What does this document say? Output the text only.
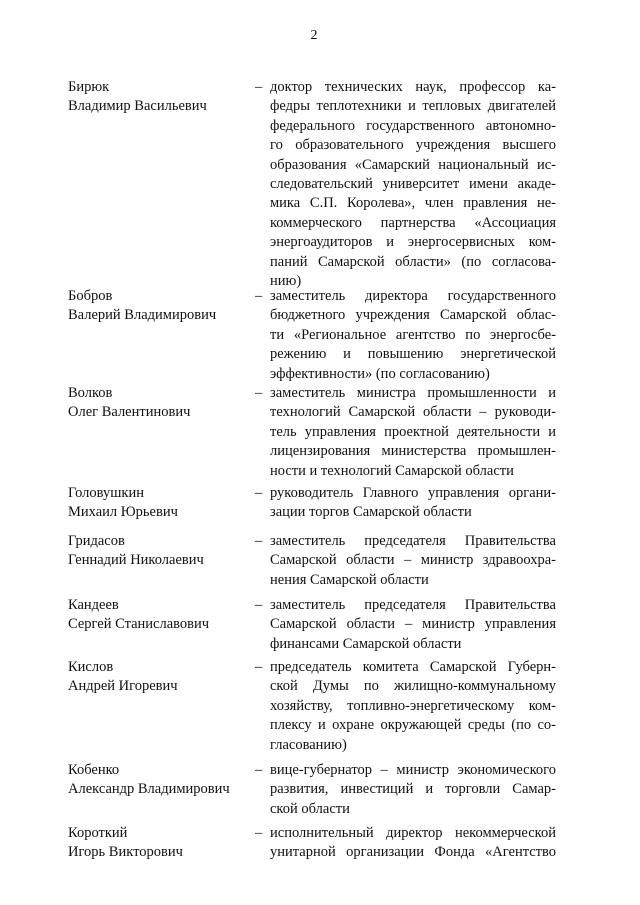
2
Бирюк
Владимир Васильевич
– доктор технических наук, профессор ка-
федры теплотехники и тепловых двигателей
федерального государственного автономно-
го образовательного учреждения высшего
образования «Самарский национальный ис-
следовательский университет имени акаде-
мика С.П. Королева», член правления не-
коммерческого партнерства «Ассоциация
энергоаудиторов и энергосервисных ком-
паний Самарской области» (по согласова-
нию)
Бобров
Валерий Владимирович
– заместитель директора государственного
бюджетного учреждения Самарской облас-
ти «Региональное агентство по энергосбе-
режению и повышению энергетической
эффективности» (по согласованию)
Волков
Олег Валентинович
– заместитель министра промышленности и
технологий Самарской области – руководи-
тель управления проектной деятельности и
лицензирования министерства промышлен-
ности и технологий Самарской области
Головушкин
Михаил Юрьевич
– руководитель Главного управления органи-
зации торгов Самарской области
Гридасов
Геннадий Николаевич
– заместитель председателя Правительства
Самарской области – министр здравоохра-
нения Самарской области
Кандеев
Сергей Станиславович
– заместитель председателя Правительства
Самарской области – министр управления
финансами Самарской области
Кислов
Андрей Игоревич
– председатель комитета Самарской Губерн-
ской Думы по жилищно-коммунальному
хозяйству, топливно-энергетическому ком-
плексу и охране окружающей среды (по со-
гласованию)
Кобенко
Александр Владимирович
– вице-губернатор – министр экономического
развития, инвестиций и торговли Самар-
ской области
Короткий
Игорь Викторович
– исполнительный директор некоммерческой
унитарной организации Фонда «Агентство
